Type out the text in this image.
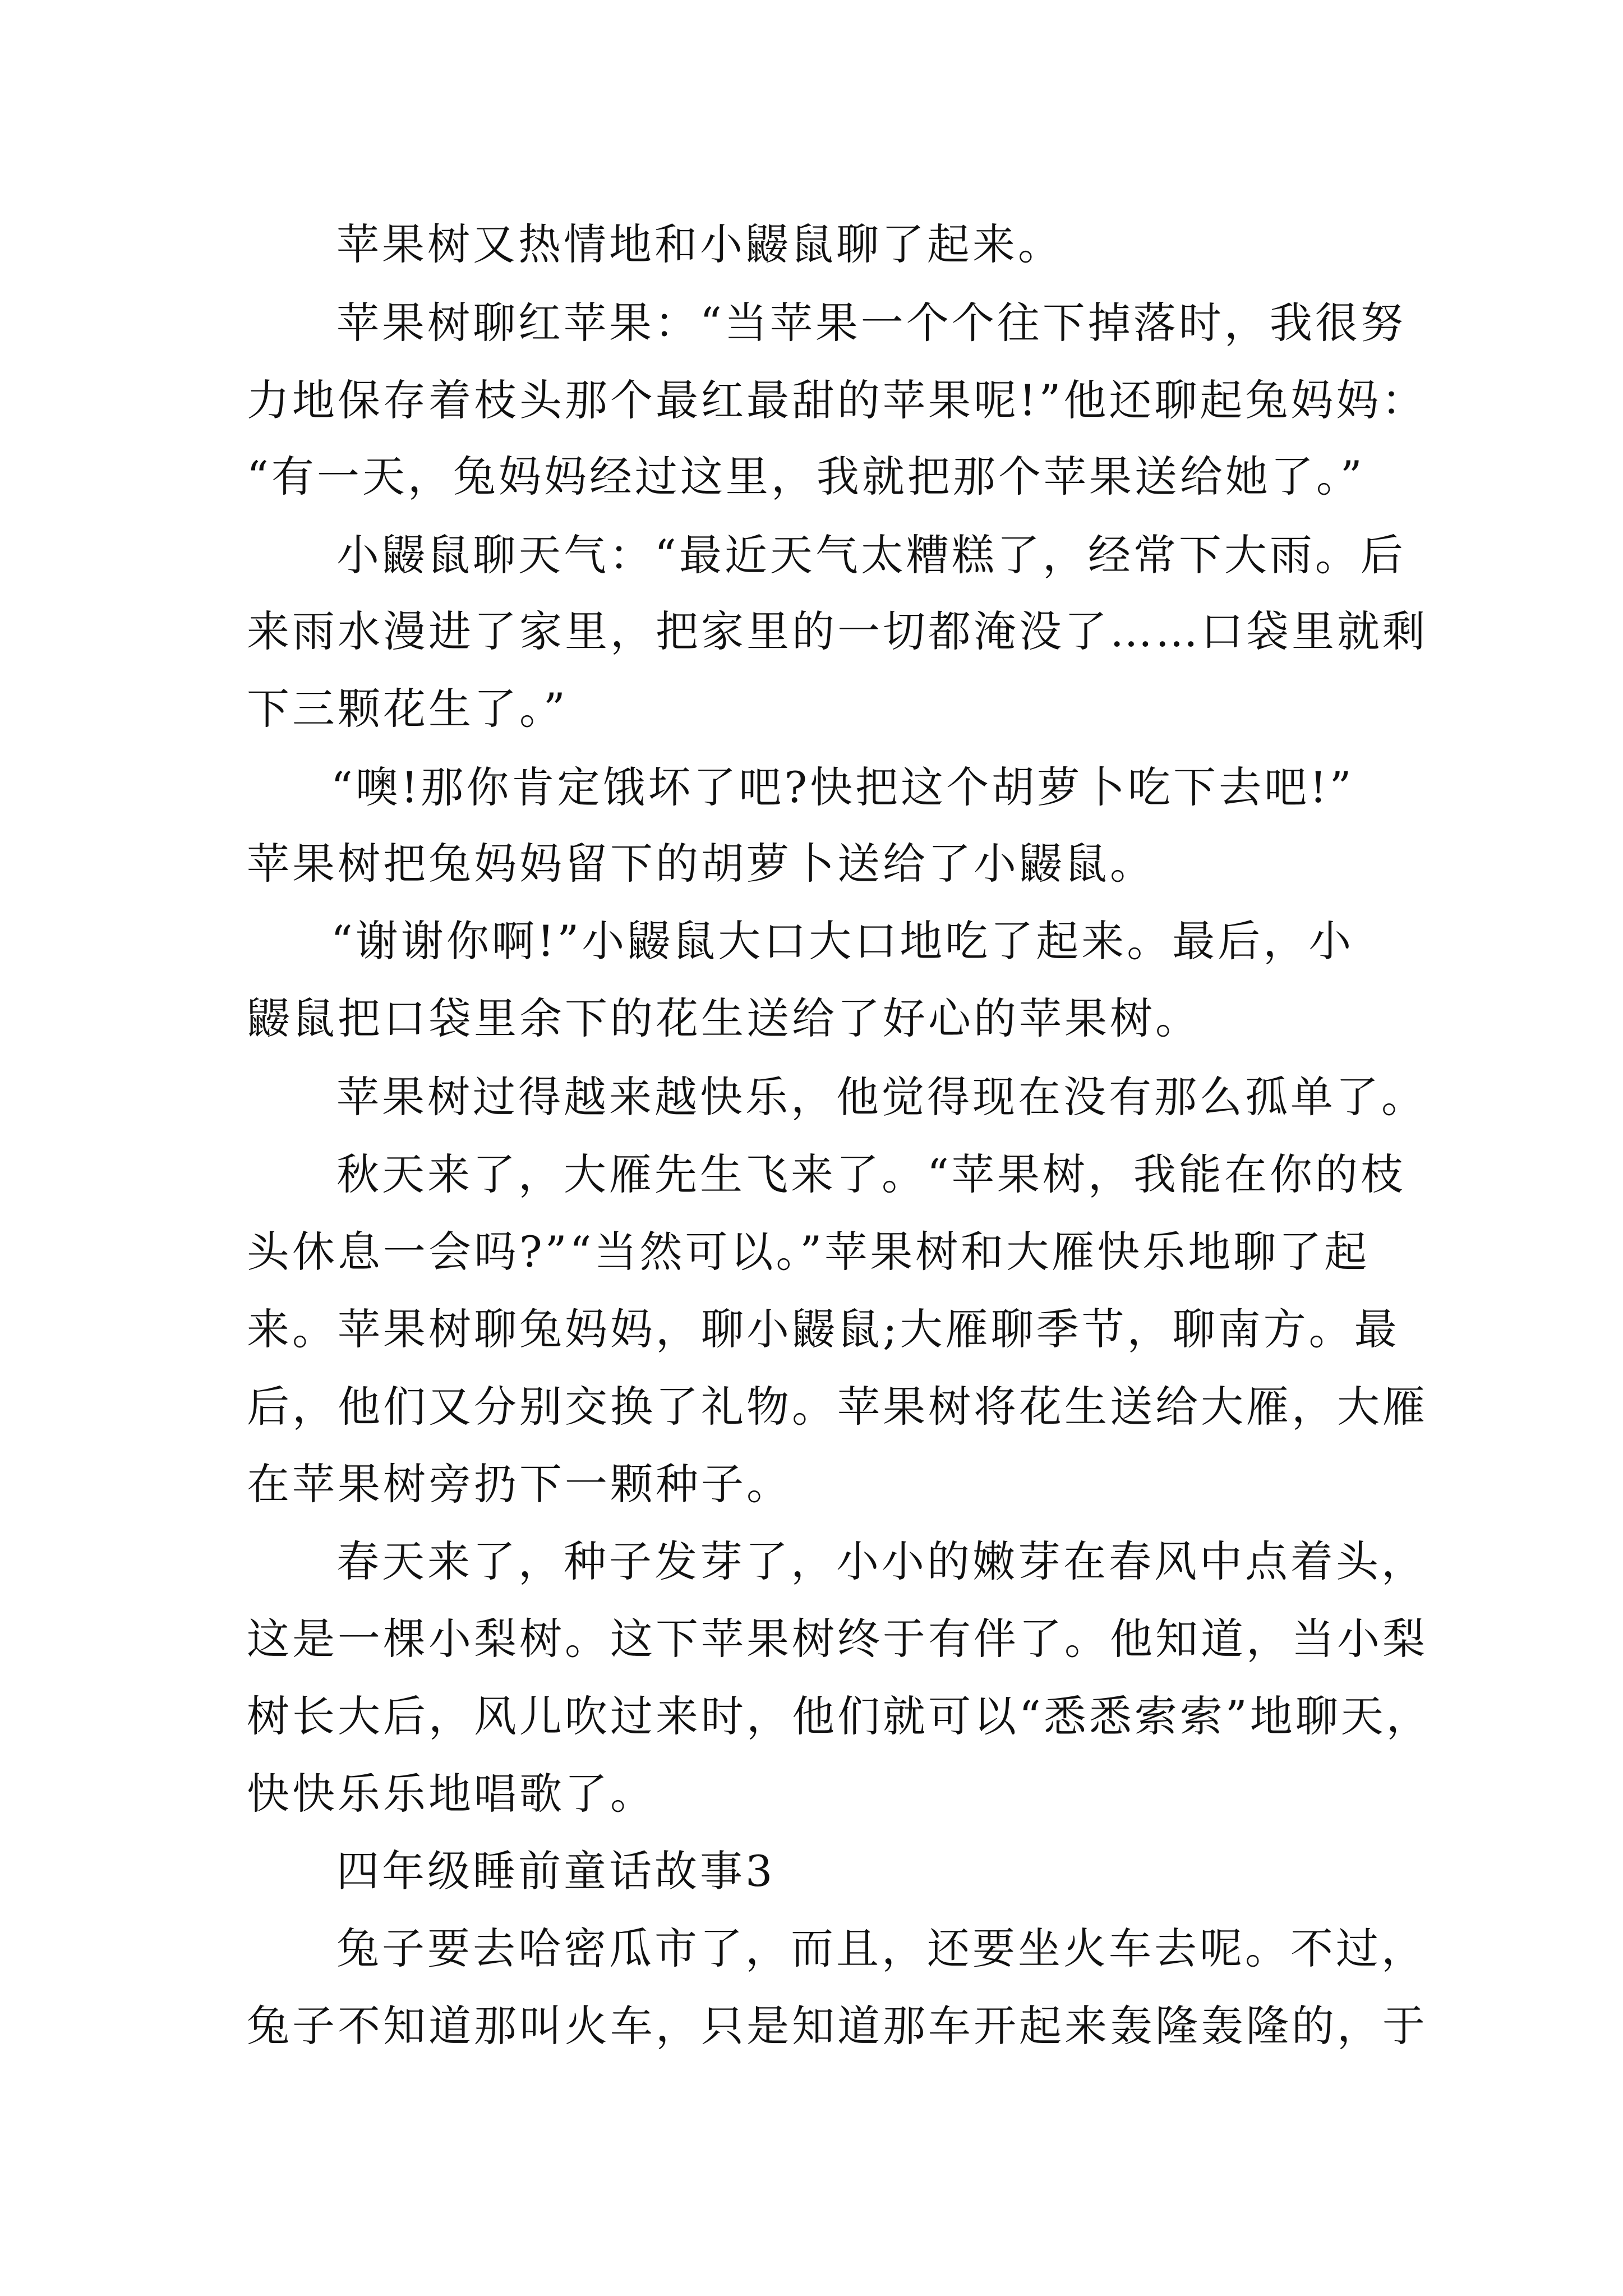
苹果树又热情地和小鼹鼠聊了起来。
苹果树聊红苹果：“当苹果一个个往下掉落时，我很努
力地保存着枝头那个最红最甜的苹果呢!”他还聊起兔妈妈：
“有一天，兔妈妈经过这里，我就把那个苹果送给她了。”
小鼹鼠聊天气：“最近天气太糟糕了，经常下大雨。后
来雨水漫进了家里，把家里的一切都淹没了……口袋里就剩
下三颗花生了。”
“噢!那你肯定饿坏了吧?快把这个胡萝卜吃下去吧!”
苹果树把兔妈妈留下的胡萝卜送给了小鼹鼠。
“谢谢你啊!”小鼹鼠大口大口地吃了起来。最后，小
鼹鼠把口袋里余下的花生送给了好心的苹果树。
苹果树过得越来越快乐，他觉得现在没有那么孤单了。
秋天来了，大雁先生飞来了。“苹果树，我能在你的枝
头休息一会吗?”“当然可以。”苹果树和大雁快乐地聊了起
来。苹果树聊兔妈妈，聊小鼹鼠;大雁聊季节，聊南方。最
后，他们又分别交换了礼物。苹果树将花生送给大雁，大雁
在苹果树旁扔下一颗种子。
春天来了，种子发芽了，小小的嫩芽在春风中点着头，
这是一棵小梨树。这下苹果树终于有伴了。他知道，当小梨
树长大后，风儿吹过来时，他们就可以“悉悉索索”地聊天，
快快乐乐地唱歌了。
四年级睡前童话故事3
兔子要去哈密瓜市了，而且，还要坐火车去呢。不过，
兔子不知道那叫火车，只是知道那车开起来轰隆轰隆的，于
